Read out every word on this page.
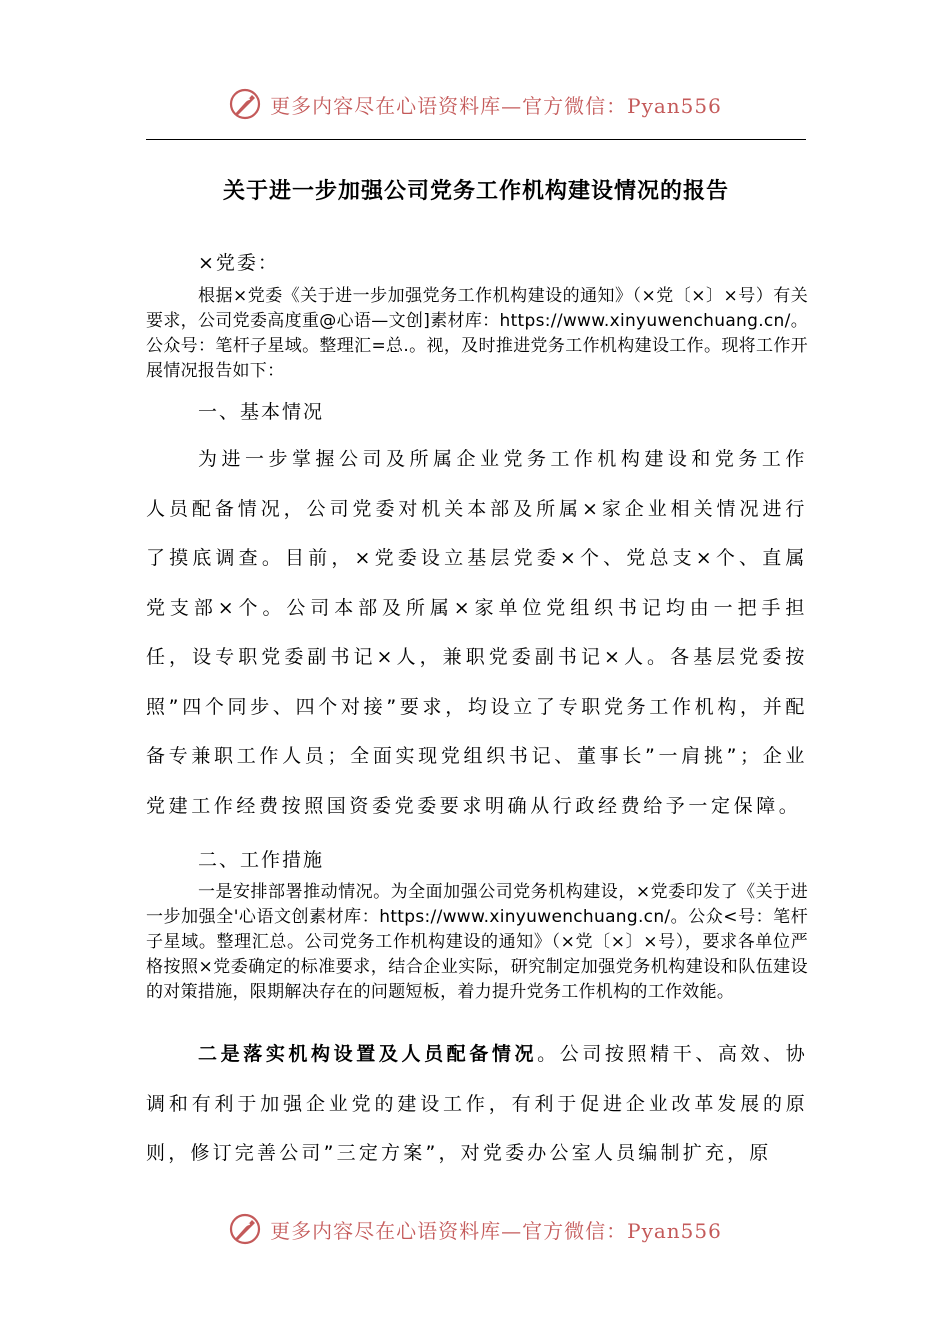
更多内容尽在心语资料库—官方微信：Pyan556
关于进一步加强公司党务工作机构建设情况的报告
×党委：
根据×党委《关于进一步加强党务工作机构建设的通知》（×党〔×〕×号）有关要求，公司党委高度重@心语—文创]素材库：https://www.xinyuwenchuang.cn/。公众号：笔杆子星域。整理汇=总.。视，及时推进党务工作机构建设工作。现将工作开展情况报告如下：
一、基本情况
为进一步掌握公司及所属企业党务工作机构建设和党务工作人员配备情况，公司党委对机关本部及所属×家企业相关情况进行了摸底调查。目前，×党委设立基层党委×个、党总支×个、直属党支部×个。公司本部及所属×家单位党组织书记均由一把手担任，设专职党委副书记×人，兼职党委副书记×人。各基层党委按照”四个同步、四个对接”要求，均设立了专职党务工作机构，并配备专兼职工作人员；全面实现党组织书记、董事长”一肩挑”；企业党建工作经费按照国资委党委要求明确从行政经费给予一定保障。
二、工作措施
一是安排部署推动情况。为全面加强公司党务机构建设，×党委印发了《关于进一步加强全'心语文创素材库：https://www.xinyuwenchuang.cn/。公众<号：笔杆子星域。整理汇总。公司党务工作机构建设的通知》（×党〔×〕×号），要求各单位严格按照×党委确定的标准要求，结合企业实际，研究制定加强党务机构建设和队伍建设的对策措施，限期解决存在的问题短板，着力提升党务工作机构的工作效能。
二是落实机构设置及人员配备情况。公司按照精干、高效、协调和有利于加强企业党的建设工作，有利于促进企业改革发展的原则，修订完善公司”三定方案”，对党委办公室人员编制扩充，原
更多内容尽在心语资料库—官方微信：Pyan556
